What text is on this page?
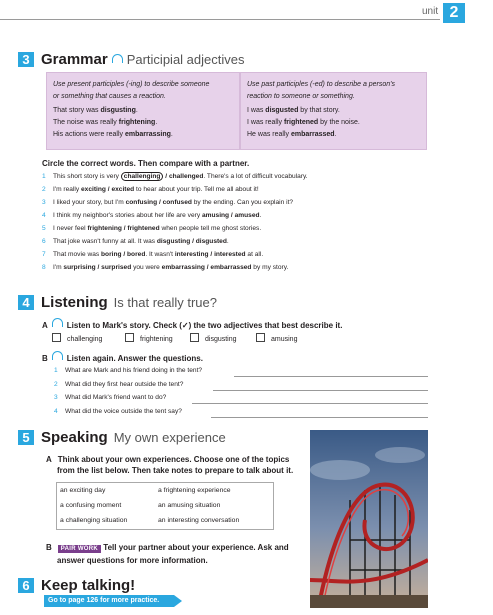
unit 2
3 Grammar Participial adjectives
Use present participles (-ing) to describe someone
or something that causes a reaction.
That story was disgusting.
The noise was really frightening.
His actions were really embarrassing.
Use past participles (-ed) to describe a person's
reaction to someone or something.
I was disgusted by that story.
I was really frightened by the noise.
He was really embarrassed.
Circle the correct words. Then compare with a partner.
1 This short story is very challenging / challenged. There's a lot of difficult vocabulary.
2 I'm really exciting / excited to hear about your trip. Tell me all about it!
3 I liked your story, but I'm confusing / confused by the ending. Can you explain it?
4 I think my neighbor's stories about her life are very amusing / amused.
5 I never feel frightening / frightened when people tell me ghost stories.
6 That joke wasn't funny at all. It was disgusting / disgusted.
7 That movie was boring / bored. It wasn't interesting / interested at all.
8 I'm surprising / surprised you were embarrassing / embarrassed by my story.
4 Listening Is that really true?
A Listen to Mark's story. Check (✓) the two adjectives that best describe it.
challenging	frightening	disgusting	amusing
B Listen again. Answer the questions.
1 What are Mark and his friend doing in the tent?
2 What did they first hear outside the tent?
3 What did Mark's friend want to do?
4 What did the voice outside the tent say?
5 Speaking My own experience
A Think about your own experiences. Choose one of the topics
from the list below. Then take notes to prepare to talk about it.
an exciting day	a frightening experience
a confusing moment	an amusing situation
a challenging situation	an interesting conversation
B PAIR WORK Tell your partner about your experience. Ask and
answer questions for more information.
6 Keep talking!
Go to page 126 for more practice.
